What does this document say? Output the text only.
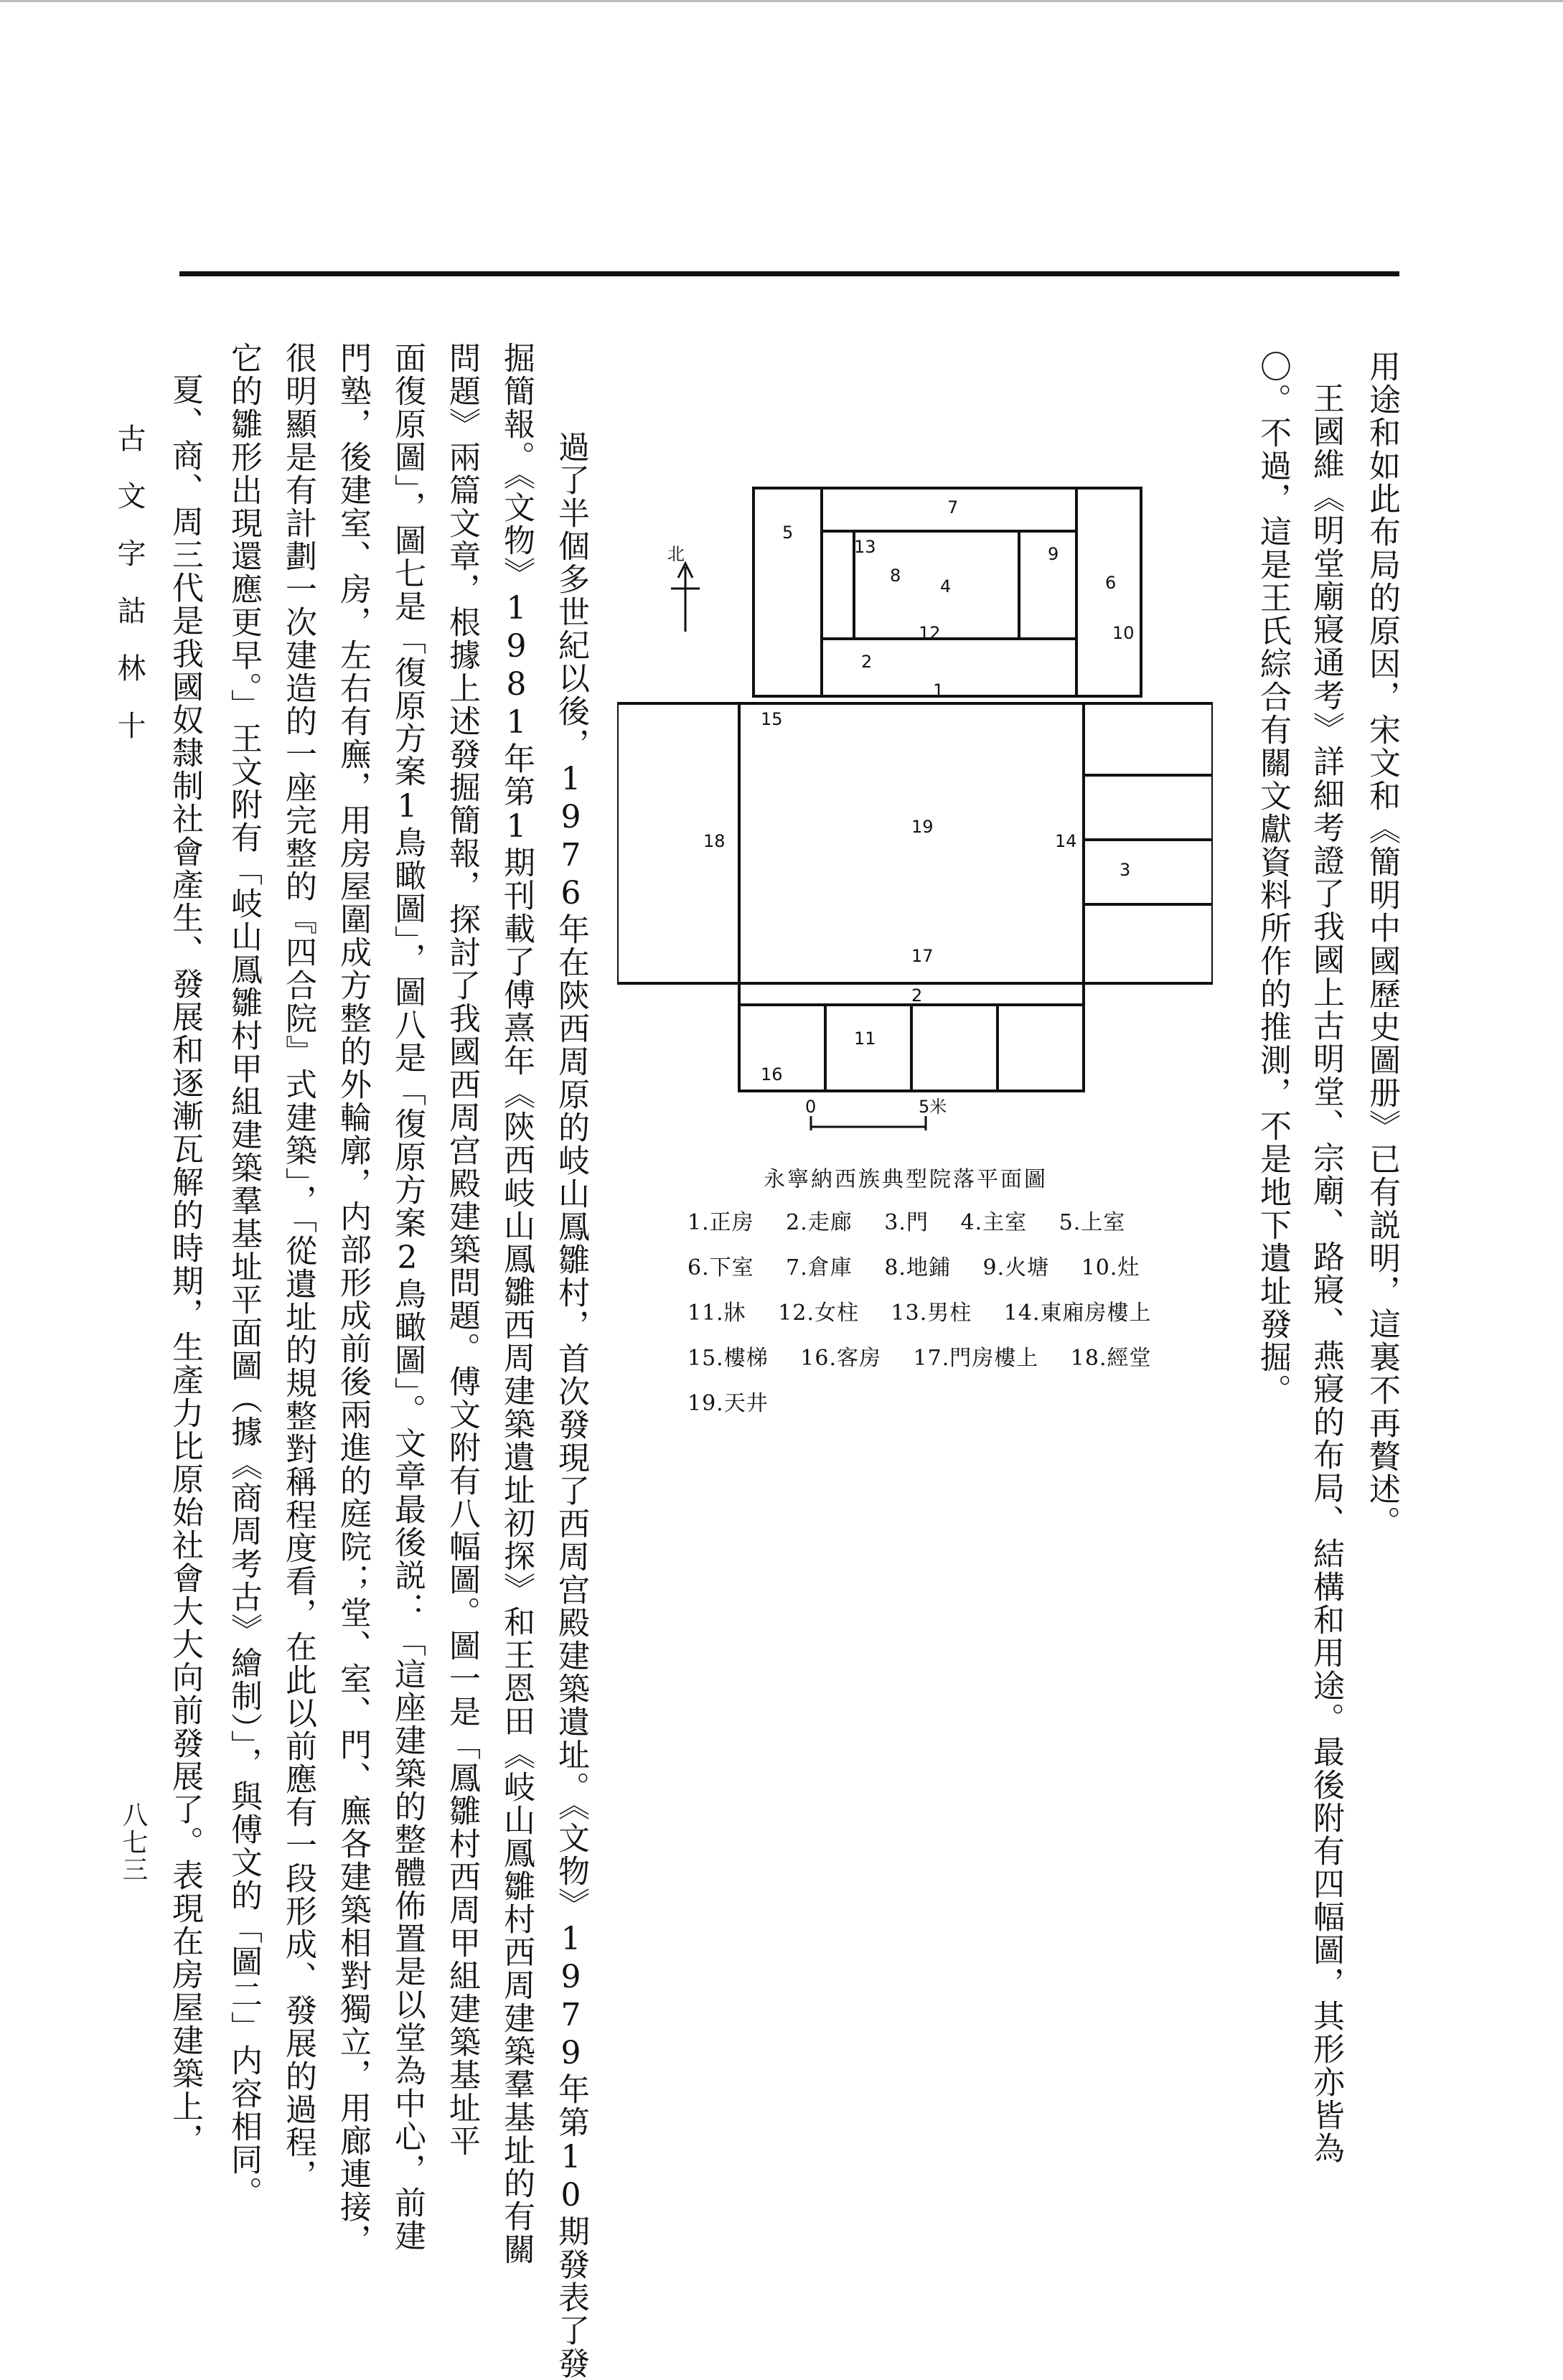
用途和如此布局的原因，宋文和《簡明中國歷史圖册》已有説明，這裏不再贅述。
王國維《明堂廟寢通考》詳細考證了我國上古明堂、宗廟、路寢、燕寢的布局、結構和用途。最後附有四幅圖，其形亦皆為
〇。不過，這是王氏綜合有關文獻資料所作的推測，不是地下遺址發掘。
北
5
7
8
4
9
12
13
6
10
2
1
15
18
19
14
17
2
16
11
3
0	5米
永寧納西族典型院落平面圖
1.正房 2.走廊 3.門 4.主室 5.上室 6.下室 7.倉庫 8.地鋪 9.火塘 10.灶 11.牀 12.女柱 13.男柱 14.東廂房樓上 15.樓梯 16.客房 17.門房樓上 18.經堂 19.天井
過了半個多世紀以後，1976年在陝西周原的岐山鳳雛村，首次發現了西周宫殿建築遺址。《文物》1979年第10期發表了發
掘簡報。《文物》1981年第1期刊載了傅熹年《陝西岐山鳳雛西周建築遺址初探》和王恩田《岐山鳳雛村西周建築羣基址的有關
問題》兩篇文章，根據上述發掘簡報，探討了我國西周宫殿建築問題。傅文附有八幅圖。圖一是「鳳雛村西周甲組建築基址平
面復原圖」，圖七是「復原方案1鳥瞰圖」，圖八是「復原方案2鳥瞰圖」。文章最後説：「這座建築的整體佈置是以堂為中心，前建
門塾，後建室、房，左右有廡，用房屋圍成方整的外輪廓，内部形成前後兩進的庭院；堂、室、門、廡各建築相對獨立，用廊連接，
很明顯是有計劃一次建造的一座完整的『四合院』式建築」，「從遺址的規整對稱程度看，在此以前應有一段形成、發展的過程，
它的雛形出現還應更早。」王文附有「岐山鳳雛村甲組建築羣基址平面圖（據《商周考古》繪制）」，與傅文的「圖二」内容相同。
夏、商、周三代是我國奴隸制社會產生、發展和逐漸瓦解的時期，生產力比原始社會大大向前發展了。表現在房屋建築上，
古文字詁林十
八七三
